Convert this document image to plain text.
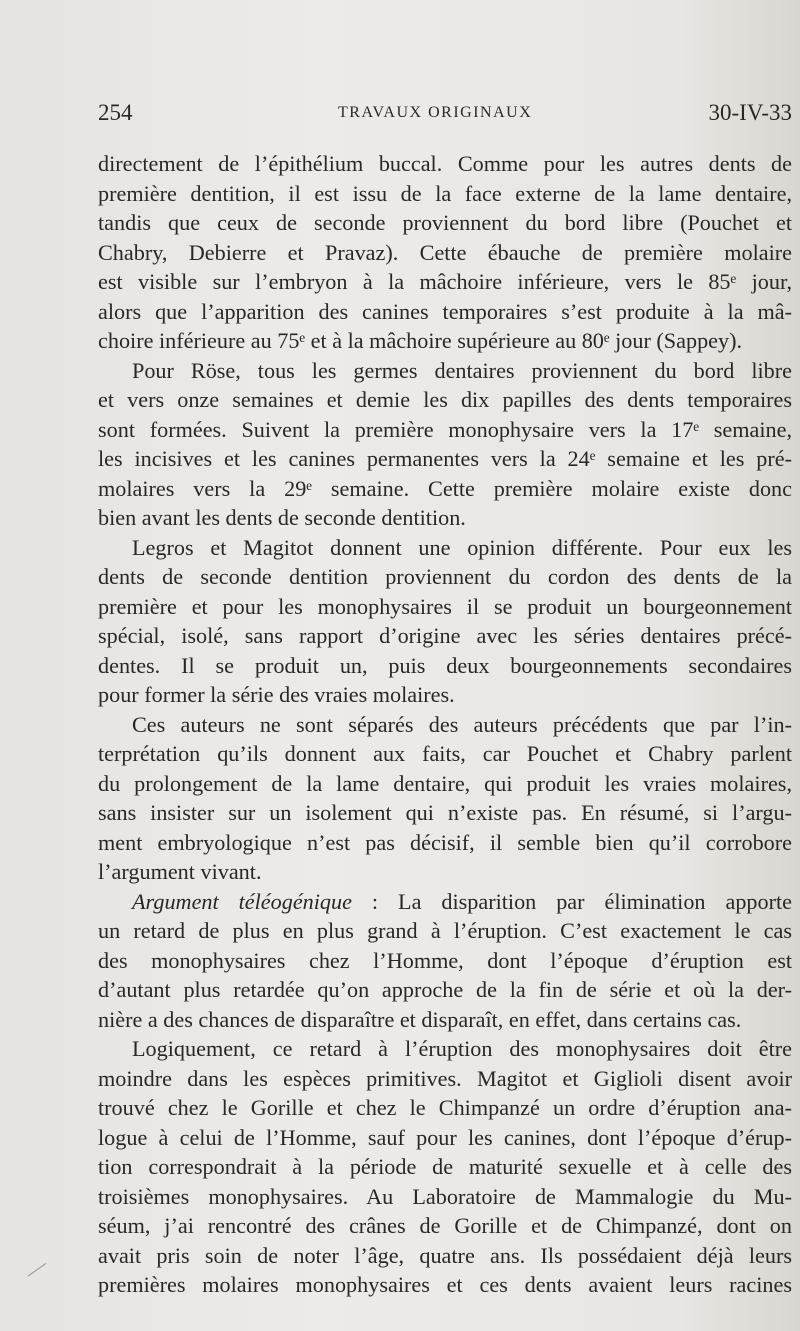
254	TRAVAUX ORIGINAUX	30-IV-33
directement de l’épithélium buccal. Comme pour les autres dents de
première dentition, il est issu de la face externe de la lame dentaire,
tandis que ceux de seconde proviennent du bord libre (Pouchet et
Chabry, Debierre et Pravaz). Cette ébauche de première molaire
est visible sur l’embryon à la mâchoire inférieure, vers le 85ᵉ jour,
alors que l’apparition des canines temporaires s’est produite à la mâ-
choire inférieure au 75ᵉ et à la mâchoire supérieure au 80ᵉ jour (Sappey).
Pour Röse, tous les germes dentaires proviennent du bord libre
et vers onze semaines et demie les dix papilles des dents temporaires
sont formées. Suivent la première monophysaire vers la 17ᵉ semaine,
les incisives et les canines permanentes vers la 24ᵉ semaine et les pré-
molaires vers la 29ᵉ semaine. Cette première molaire existe donc
bien avant les dents de seconde dentition.
Legros et Magitot donnent une opinion différente. Pour eux les
dents de seconde dentition proviennent du cordon des dents de la
première et pour les monophysaires il se produit un bourgeonnement
spécial, isolé, sans rapport d’origine avec les séries dentaires précé-
dentes. Il se produit un, puis deux bourgeonnements secondaires
pour former la série des vraies molaires.
Ces auteurs ne sont séparés des auteurs précédents que par l’in-
terprétation qu’ils donnent aux faits, car Pouchet et Chabry parlent
du prolongement de la lame dentaire, qui produit les vraies molaires,
sans insister sur un isolement qui n’existe pas. En résumé, si l’argu-
ment embryologique n’est pas décisif, il semble bien qu’il corrobore
l’argument vivant.
Argument téléogénique : La disparition par élimination apporte
un retard de plus en plus grand à l’éruption. C’est exactement le cas
des monophysaires chez l’Homme, dont l’époque d’éruption est
d’autant plus retardée qu’on approche de la fin de série et où la der-
nière a des chances de disparaître et disparaît, en effet, dans certains cas.
Logiquement, ce retard à l’éruption des monophysaires doit être
moindre dans les espèces primitives. Magitot et Giglioli disent avoir
trouvé chez le Gorille et chez le Chimpanzé un ordre d’éruption ana-
logue à celui de l’Homme, sauf pour les canines, dont l’époque d’érup-
tion correspondrait à la période de maturité sexuelle et à celle des
troisièmes monophysaires. Au Laboratoire de Mammalogie du Mu-
séum, j’ai rencontré des crânes de Gorille et de Chimpanzé, dont on
avait pris soin de noter l’âge, quatre ans. Ils possédaient déjà leurs
premières molaires monophysaires et ces dents avaient leurs racines
